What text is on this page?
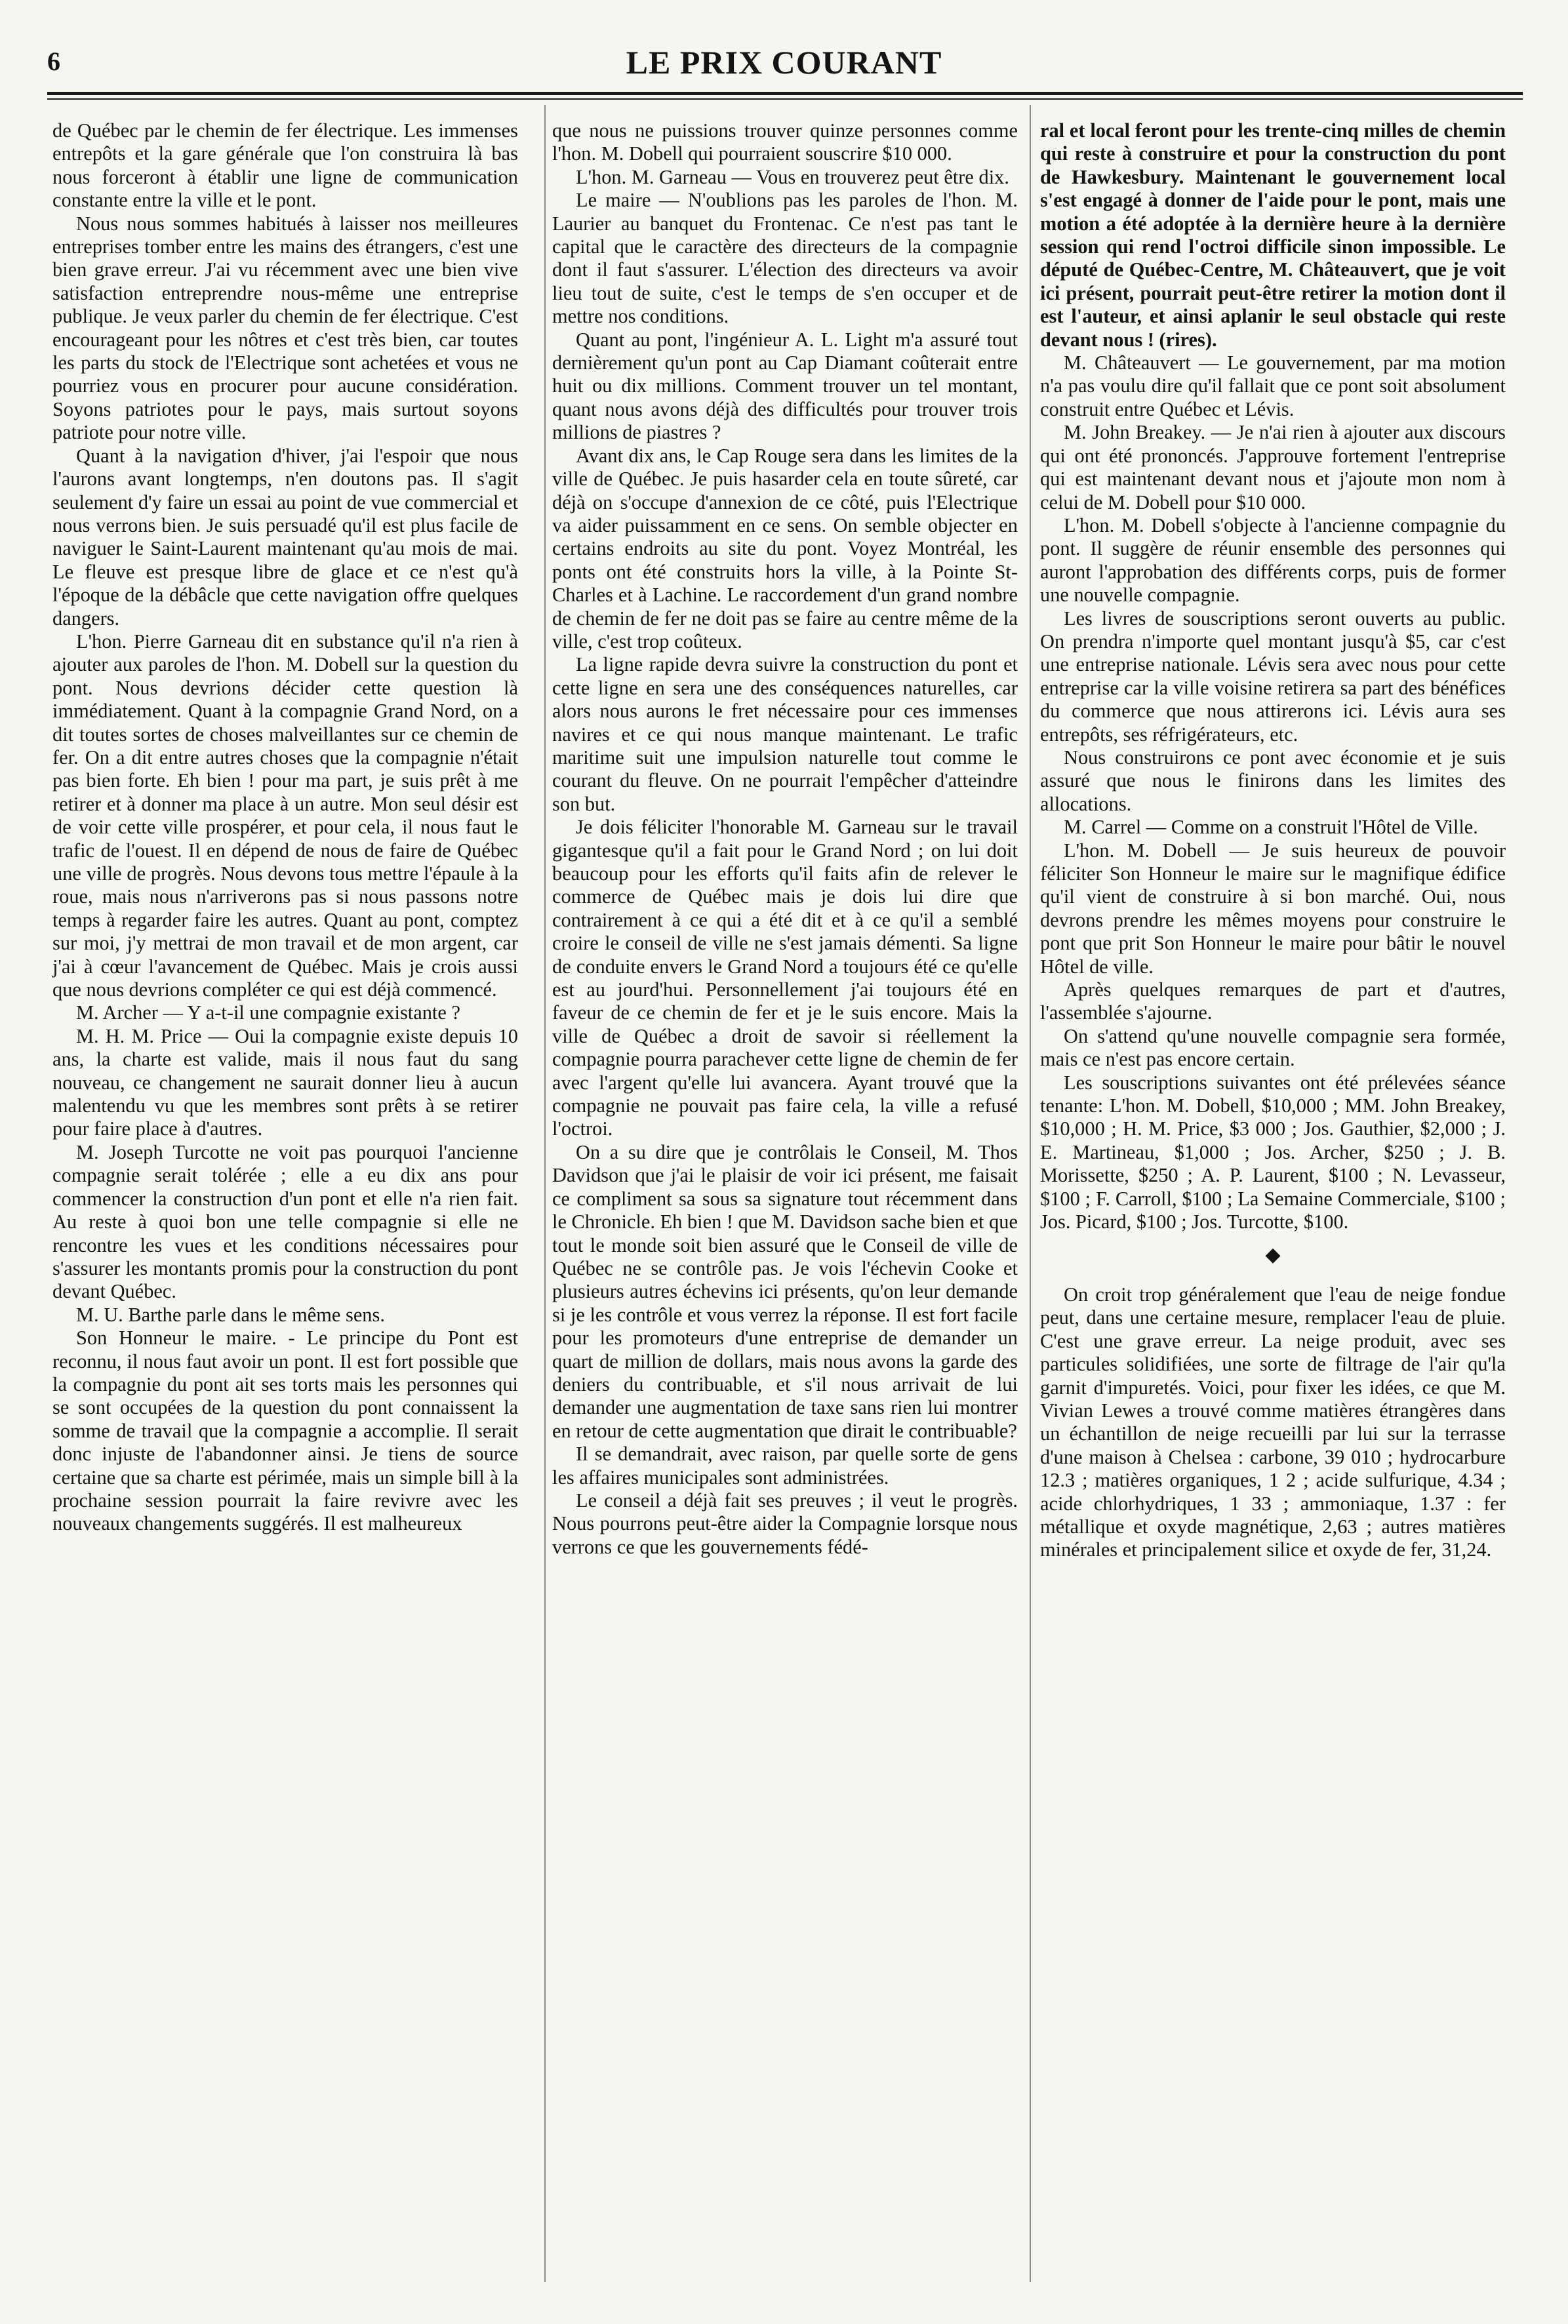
6	LE PRIX COURANT

de Québec par le chemin de fer électrique. Les immenses entrepôts et la gare générale que l'on construira là bas nous forceront à établir une ligne de communication constante entre la ville et le pont.

Nous nous sommes habitués à laisser nos meilleures entreprises tomber entre les mains des étrangers, c'est une bien grave erreur. J'ai vu récemment avec une bien vive satisfaction entreprendre nous-même une entreprise publique. Je veux parler du chemin de fer électrique. C'est encourageant pour les nôtres et c'est très bien, car toutes les parts du stock de l'Electrique sont achetées et vous ne pourriez vous en procurer pour aucune considération. Soyons patriotes pour le pays, mais surtout soyons patriote pour notre ville.

Quant à la navigation d'hiver, j'ai l'espoir que nous l'aurons avant longtemps, n'en doutons pas. Il s'agit seulement d'y faire un essai au point de vue commercial et nous verrons bien. Je suis persuadé qu'il est plus facile de naviguer le Saint-Laurent maintenant qu'au mois de mai. Le fleuve est presque libre de glace et ce n'est qu'à l'époque de la débâcle que cette navigation offre quelques dangers.

L'hon. Pierre Garneau dit en substance qu'il n'a rien à ajouter aux paroles de l'hon. M. Dobell sur la question du pont. Nous devrions décider cette question là immédiatement. Quant à la compagnie Grand Nord, on a dit toutes sortes de choses malveillantes sur ce chemin de fer. On a dit entre autres choses que la compagnie n'était pas bien forte. Eh bien ! pour ma part, je suis prêt à me retirer et à donner ma place à un autre. Mon seul désir est de voir cette ville prospérer, et pour cela, il nous faut le trafic de l'ouest. Il en dépend de nous de faire de Québec une ville de progrès. Nous devons tous mettre l'épaule à la roue, mais nous n'arriverons pas si nous passons notre temps à regarder faire les autres. Quant au pont, comptez sur moi, j'y mettrai de mon travail et de mon argent, car j'ai à cœur l'avancement de Québec. Mais je crois aussi que nous devrions compléter ce qui est déjà commencé.

M. Archer — Y a-t-il une compagnie existante ?

M. H. M. Price — Oui la compagnie existe depuis 10 ans, la charte est valide, mais il nous faut du sang nouveau, ce changement ne saurait donner lieu à aucun malentendu vu que les membres sont prêts à se retirer pour faire place à d'autres.

M. Joseph Turcotte ne voit pas pourquoi l'ancienne compagnie serait tolérée ; elle a eu dix ans pour commencer la construction d'un pont et elle n'a rien fait. Au reste à quoi bon une telle compagnie si elle ne rencontre les vues et les conditions nécessaires pour s'assurer les montants promis pour la construction du pont devant Québec.

M. U. Barthe parle dans le même sens.

Son Honneur le maire. - Le principe du Pont est reconnu, il nous faut avoir un pont. Il est fort possible que la compagnie du pont ait ses torts mais les personnes qui se sont occupées de la question du pont connaissent la somme de travail que la compagnie a accomplie. Il serait donc injuste de l'abandonner ainsi. Je tiens de source certaine que sa charte est périmée, mais un simple bill à la prochaine session pourrait la faire revivre avec les nouveaux changements suggérés. Il est malheureux

que nous ne puissions trouver quinze personnes comme l'hon. M. Dobell qui pourraient souscrire $10 000.

L'hon. M. Garneau — Vous en trouverez peut être dix.

Le maire — N'oublions pas les paroles de l'hon. M. Laurier au banquet du Frontenac. Ce n'est pas tant le capital que le caractère des directeurs de la compagnie dont il faut s'assurer. L'élection des directeurs va avoir lieu tout de suite, c'est le temps de s'en occuper et de mettre nos conditions.

Quant au pont, l'ingénieur A. L. Light m'a assuré tout dernièrement qu'un pont au Cap Diamant coûterait entre huit ou dix millions. Comment trouver un tel montant, quant nous avons déjà des difficultés pour trouver trois millions de piastres ?

Avant dix ans, le Cap Rouge sera dans les limites de la ville de Québec. Je puis hasarder cela en toute sûreté, car déjà on s'occupe d'annexion de ce côté, puis l'Electrique va aider puissamment en ce sens. On semble objecter en certains endroits au site du pont. Voyez Montréal, les ponts ont été construits hors la ville, à la Pointe St-Charles et à Lachine. Le raccordement d'un grand nombre de chemin de fer ne doit pas se faire au centre même de la ville, c'est trop coûteux.

La ligne rapide devra suivre la construction du pont et cette ligne en sera une des conséquences naturelles, car alors nous aurons le fret nécessaire pour ces immenses navires et ce qui nous manque maintenant. Le trafic maritime suit une impulsion naturelle tout comme le courant du fleuve. On ne pourrait l'empêcher d'atteindre son but.

Je dois féliciter l'honorable M. Garneau sur le travail gigantesque qu'il a fait pour le Grand Nord ; on lui doit beaucoup pour les efforts qu'il faits afin de relever le commerce de Québec mais je dois lui dire que contrairement à ce qui a été dit et à ce qu'il a semblé croire le conseil de ville ne s'est jamais démenti. Sa ligne de conduite envers le Grand Nord a toujours été ce qu'elle est au jourd'hui. Personnellement j'ai toujours été en faveur de ce chemin de fer et je le suis encore. Mais la ville de Québec a droit de savoir si réellement la compagnie pourra parachever cette ligne de chemin de fer avec l'argent qu'elle lui avancera. Ayant trouvé que la compagnie ne pouvait pas faire cela, la ville a refusé l'octroi.

On a su dire que je contrôlais le Conseil, M. Thos Davidson que j'ai le plaisir de voir ici présent, me faisait ce compliment sa sous sa signature tout récemment dans le Chronicle. Eh bien ! que M. Davidson sache bien et que tout le monde soit bien assuré que le Conseil de ville de Québec ne se contrôle pas. Je vois l'échevin Cooke et plusieurs autres échevins ici présents, qu'on leur demande si je les contrôle et vous verrez la réponse. Il est fort facile pour les promoteurs d'une entreprise de demander un quart de million de dollars, mais nous avons la garde des deniers du contribuable, et s'il nous arrivait de lui demander une augmentation de taxe sans rien lui montrer en retour de cette augmentation que dirait le contribuable?

Il se demandrait, avec raison, par quelle sorte de gens les affaires municipales sont administrées.

Le conseil a déjà fait ses preuves ; il veut le progrès. Nous pourrons peut-être aider la Compagnie lorsque nous verrons ce que les gouvernements fédé-

ral et local feront pour les trente-cinq milles de chemin qui reste à construire et pour la construction du pont de Hawkesbury. Maintenant le gouvernement local s'est engagé à donner de l'aide pour le pont, mais une motion a été adoptée à la dernière heure à la dernière session qui rend l'octroi difficile sinon impossible. Le député de Québec-Centre, M. Châteauvert, que je voit ici présent, pourrait peut-être retirer la motion dont il est l'auteur, et ainsi aplanir le seul obstacle qui reste devant nous ! (rires).

M. Châteauvert — Le gouvernement, par ma motion n'a pas voulu dire qu'il fallait que ce pont soit absolument construit entre Québec et Lévis.

M. John Breakey. — Je n'ai rien à ajouter aux discours qui ont été prononcés. J'approuve fortement l'entreprise qui est maintenant devant nous et j'ajoute mon nom à celui de M. Dobell pour $10 000.

L'hon. M. Dobell s'objecte à l'ancienne compagnie du pont. Il suggère de réunir ensemble des personnes qui auront l'approbation des différents corps, puis de former une nouvelle compagnie.

Les livres de souscriptions seront ouverts au public. On prendra n'importe quel montant jusqu'à $5, car c'est une entreprise nationale. Lévis sera avec nous pour cette entreprise car la ville voisine retirera sa part des bénéfices du commerce que nous attirerons ici. Lévis aura ses entrepôts, ses réfrigérateurs, etc.

Nous construirons ce pont avec économie et je suis assuré que nous le finirons dans les limites des allocations.

M. Carrel — Comme on a construit l'Hôtel de Ville.

L'hon. M. Dobell — Je suis heureux de pouvoir féliciter Son Honneur le maire sur le magnifique édifice qu'il vient de construire à si bon marché. Oui, nous devrons prendre les mêmes moyens pour construire le pont que prit Son Honneur le maire pour bâtir le nouvel Hôtel de ville.

Après quelques remarques de part et d'autres, l'assemblée s'ajourne.

On s'attend qu'une nouvelle compagnie sera formée, mais ce n'est pas encore certain.

Les souscriptions suivantes ont été prélevées séance tenante: L'hon. M. Dobell, $10,000 ; MM. John Breakey, $10,000 ; H. M. Price, $3 000 ; Jos. Gauthier, $2,000 ; J. E. Martineau, $1,000 ; Jos. Archer, $250 ; J. B. Morissette, $250 ; A. P. Laurent, $100 ; N. Levasseur, $100 ; F. Carroll, $100 ; La Semaine Commerciale, $100 ; Jos. Picard, $100 ; Jos. Turcotte, $100.

◆

On croit trop généralement que l'eau de neige fondue peut, dans une certaine mesure, remplacer l'eau de pluie. C'est une grave erreur. La neige produit, avec ses particules solidifiées, une sorte de filtrage de l'air qu'la garnit d'impuretés. Voici, pour fixer les idées, ce que M. Vivian Lewes a trouvé comme matières étrangères dans un échantillon de neige recueilli par lui sur la terrasse d'une maison à Chelsea : carbone, 39 010 ; hydrocarbure 12.3 ; matières organiques, 1 2 ; acide sulfurique, 4.34 ; acide chlorhydriques, 1 33 ; ammoniaque, 1.37 : fer métallique et oxyde magnétique, 2,63 ; autres matières minérales et principalement silice et oxyde de fer, 31,24.
